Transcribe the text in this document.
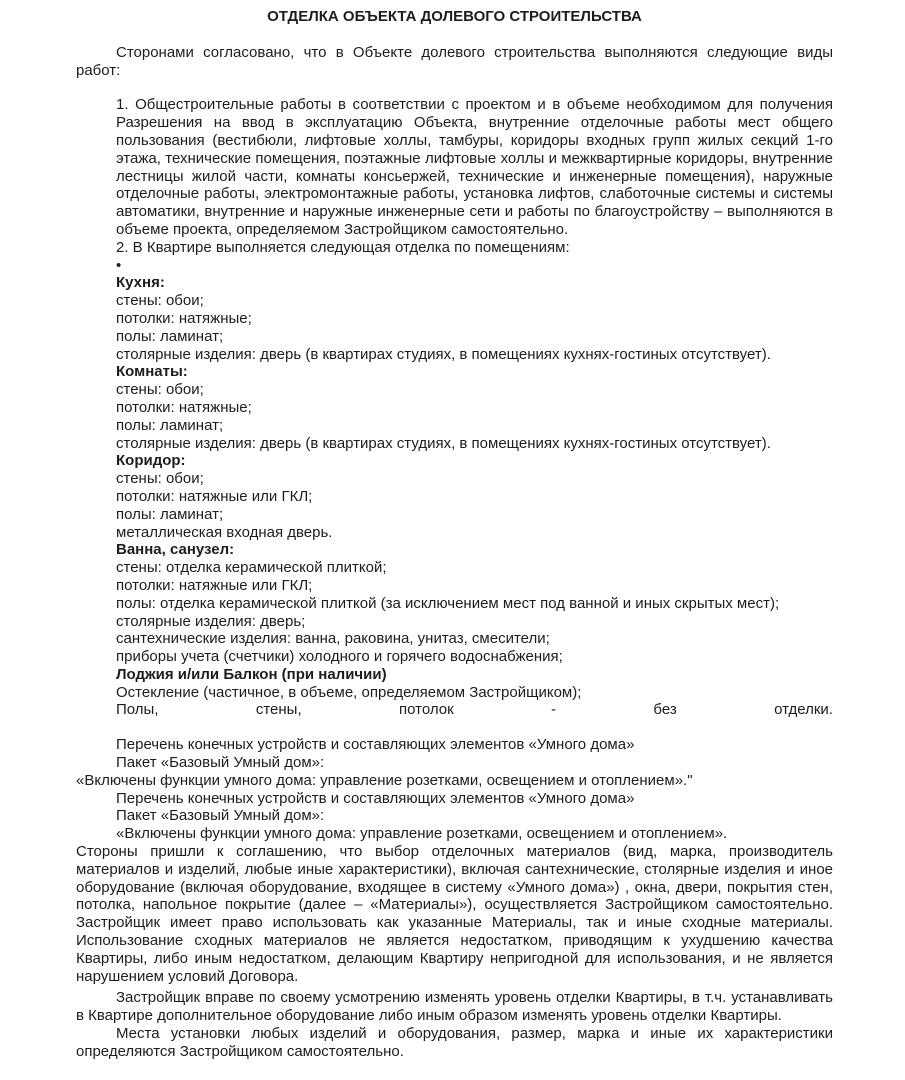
ОТДЕЛКА ОБЪЕКТА ДОЛЕВОГО СТРОИТЕЛЬСТВА

Сторонами согласовано, что в Объекте долевого строительства выполняются следующие виды работ:

1. Общестроительные работы в соответствии с проектом и в объеме необходимом для получения Разрешения на ввод в эксплуатацию Объекта, внутренние отделочные работы мест общего пользования (вестибюли, лифтовые холлы, тамбуры, коридоры входных групп жилых секций 1-го этажа, технические помещения, поэтажные лифтовые холлы и межквартирные коридоры, внутренние лестницы жилой части, комнаты консьержей, технические и инженерные помещения), наружные отделочные работы, электромонтажные работы, установка лифтов, слаботочные системы и системы автоматики, внутренние и наружные инженерные сети и работы по благоустройству – выполняются в объеме проекта, определяемом Застройщиком самостоятельно.

2. В Квартире выполняется следующая отделка по помещениям:

•

Кухня:

стены: обои;

потолки: натяжные;

полы: ламинат;

столярные изделия: дверь (в квартирах студиях, в помещениях кухнях-гостиных отсутствует).

Комнаты:

стены: обои;

потолки: натяжные;

полы: ламинат;

столярные изделия: дверь (в квартирах студиях, в помещениях кухнях-гостиных отсутствует).

Коридор:

стены: обои;

потолки: натяжные или ГКЛ;

полы: ламинат;

металлическая входная дверь.

Ванна, санузел:

стены: отделка керамической плиткой;

потолки: натяжные или ГКЛ;

полы: отделка керамической плиткой (за исключением мест под ванной и иных скрытых мест);

столярные изделия: дверь;

сантехнические изделия: ванна, раковина, унитаз, смесители;

приборы учета (счетчики) холодного и горячего водоснабжения;

Лоджия и/или Балкон (при наличии)

Остекление (частичное, в объеме, определяемом Застройщиком);

Полы,	стены,	потолок	-	без	отделки.

Перечень конечных устройств и составляющих элементов «Умного дома»

Пакет «Базовый Умный дом»:

«Включены функции умного дома: управление розетками, освещением и отоплением»."

Перечень конечных устройств и составляющих элементов «Умного дома»

Пакет «Базовый Умный дом»:

«Включены функции умного дома: управление розетками, освещением и отоплением».

Стороны пришли к соглашению, что выбор отделочных материалов (вид, марка, производитель материалов и изделий, любые иные характеристики), включая сантехнические, столярные изделия и иное оборудование (включая оборудование, входящее в систему «Умного дома») , окна, двери, покрытия стен, потолка, напольное покрытие (далее – «Материалы»), осуществляется Застройщиком самостоятельно. Застройщик имеет право использовать как указанные Материалы, так и иные сходные материалы. Использование сходных материалов не является недостатком, приводящим к ухудшению качества Квартиры, либо иным недостатком, делающим Квартиру непригодной для использования, и не является нарушением условий Договора.

Застройщик вправе по своему усмотрению изменять уровень отделки Квартиры, в т.ч. устанавливать в Квартире дополнительное оборудование либо иным образом изменять уровень отделки Квартиры.

Места установки любых изделий и оборудования, размер, марка и иные их характеристики определяются Застройщиком самостоятельно.
